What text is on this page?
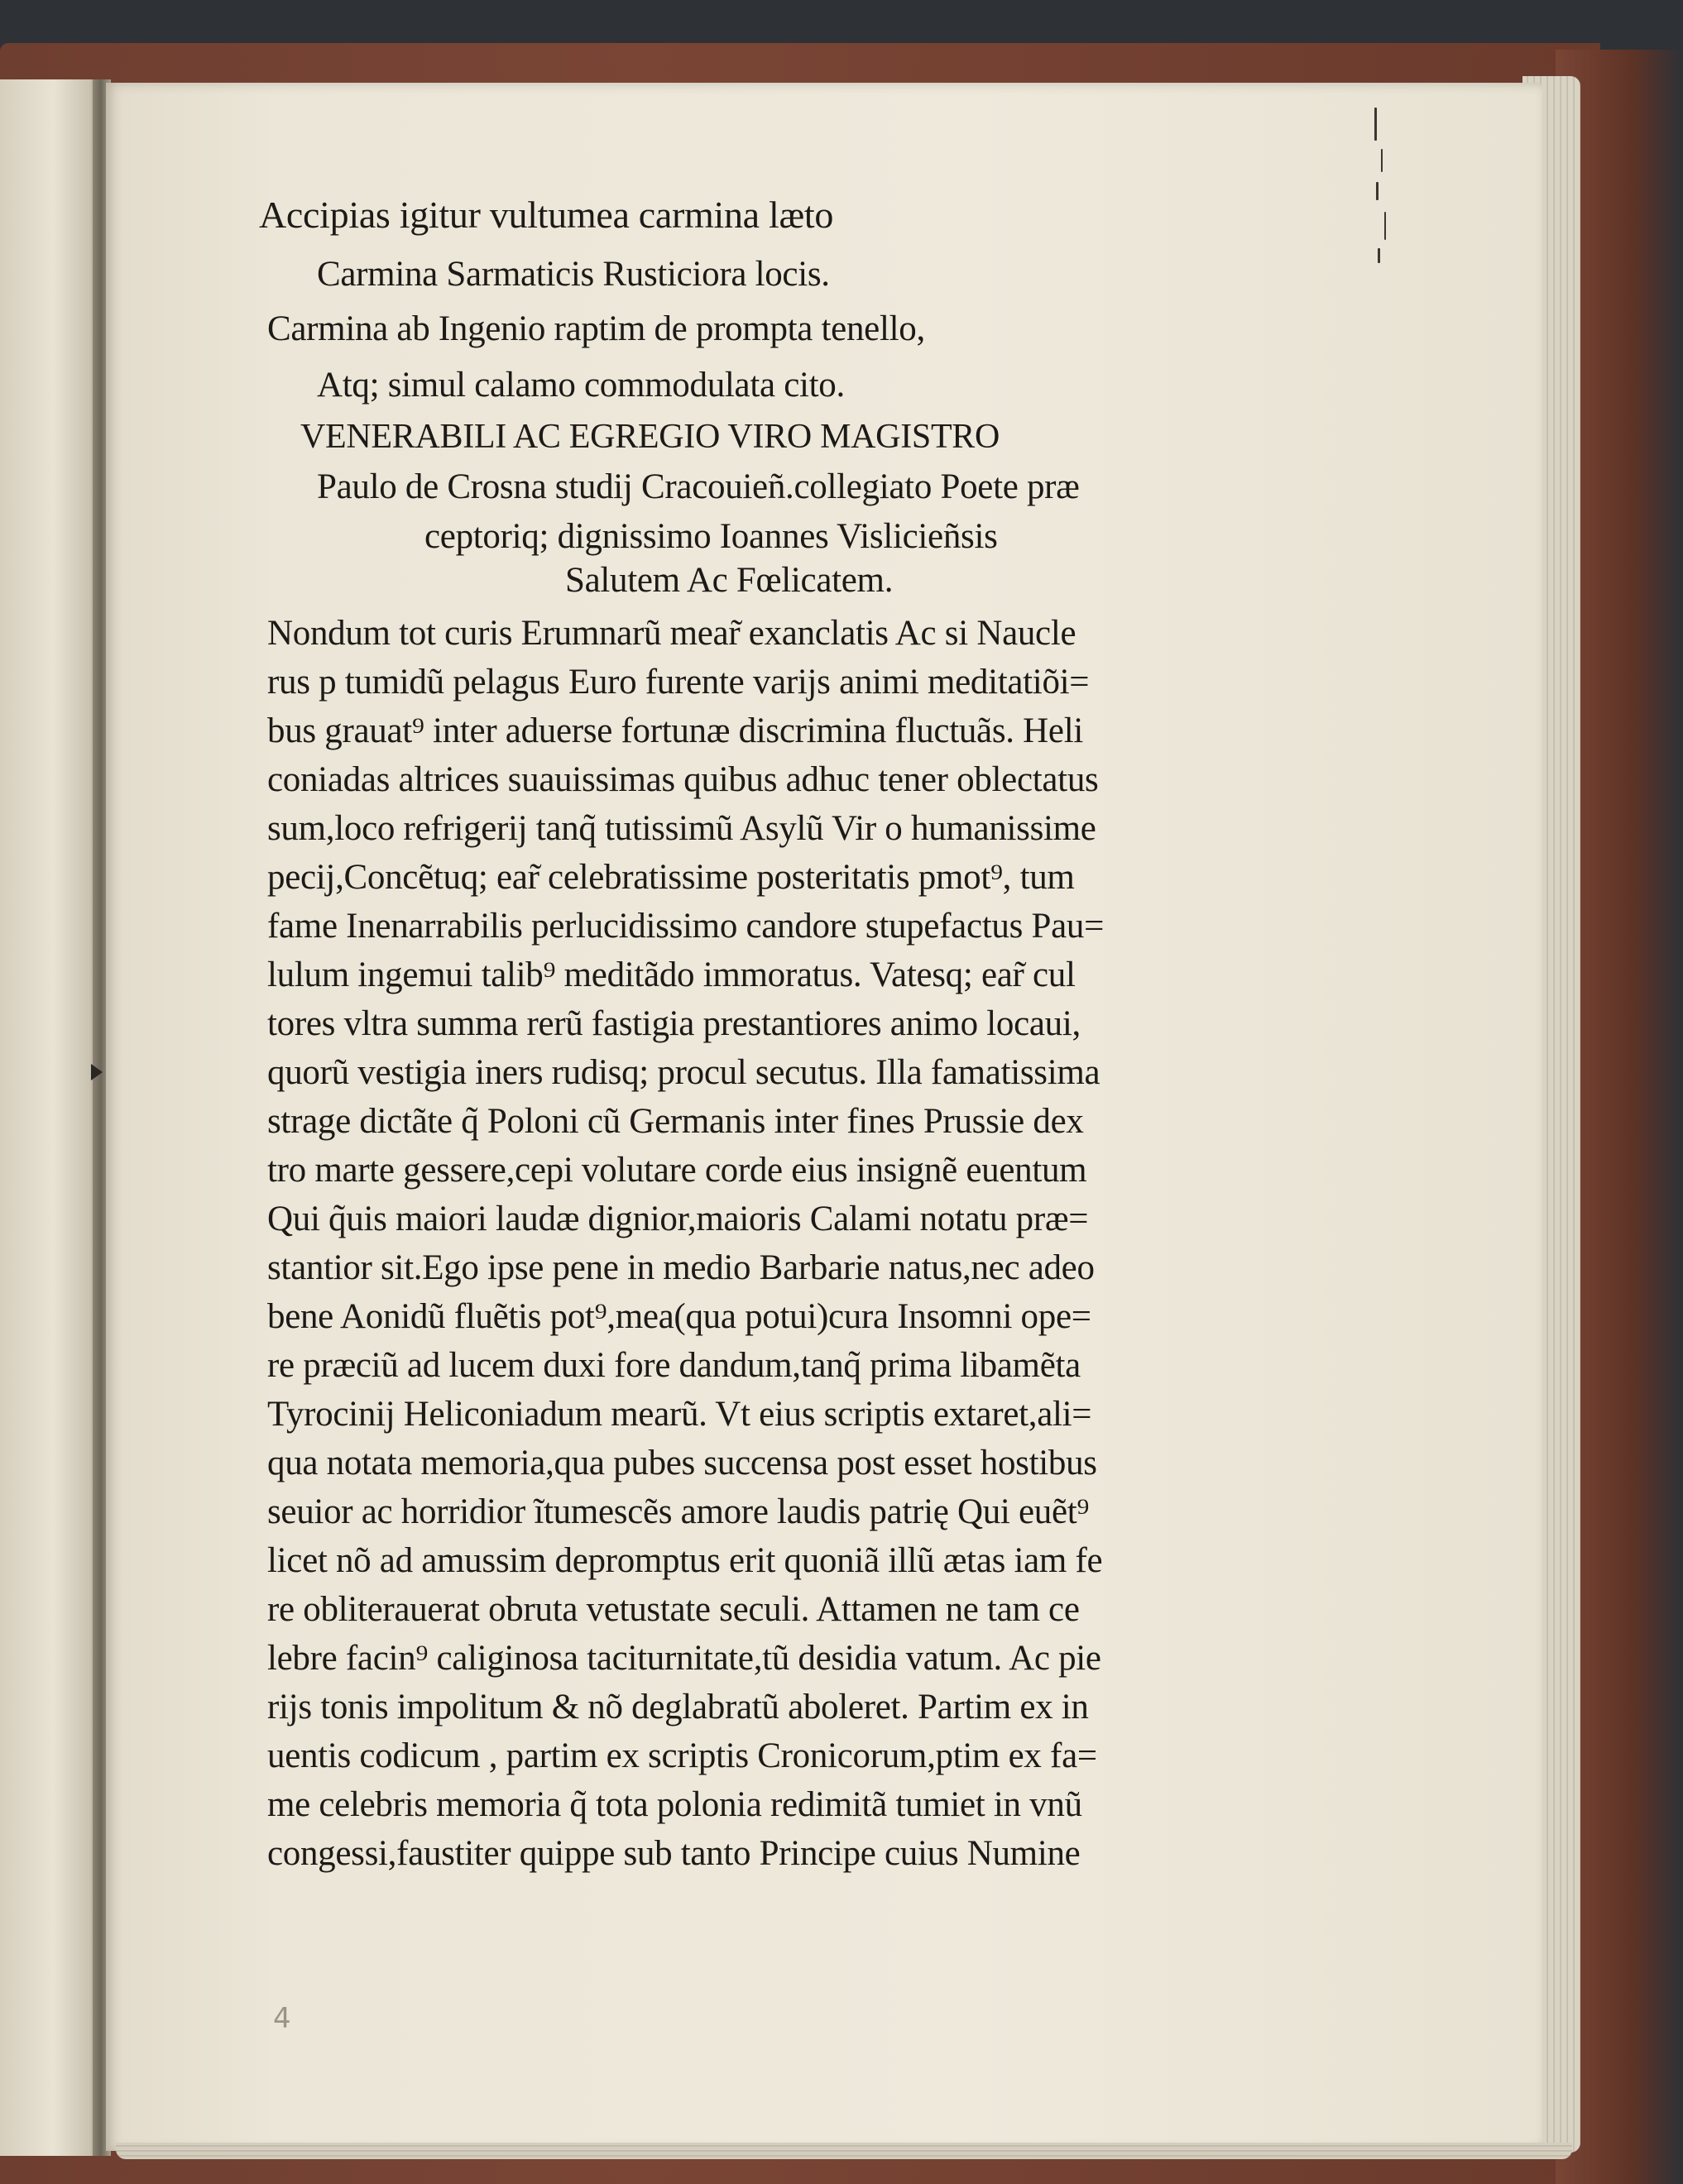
Accipias igitur vultumea carmina læto
Carmina Sarmaticis Rusticiora locis.
Carmina ab Ingenio raptim de prompta tenello,
Atq; simul calamo commodulata cito.
VENERABILI AC EGREGIO VIRO MAGISTRO
Paulo de Crosna studij Cracouieñ.collegiato Poete præ
ceptoriq; dignissimo Ioannes Vislicieñsis
Salutem Ac Fœlicatem.
Nondum tot curis Erumnarũ mear̃ exanclatis Ac si Naucle
rus p tumidũ pelagus Euro furente varijs animi meditatiõi=
bus grauat⁹ inter aduerse fortunæ discrimina fluctuãs. Heli
coniadas altrices suauissimas quibus adhuc tener oblectatus
sum,loco refrigerij tanq̃ tutissimũ Asylũ Vir o humanissime
pecij,Concẽtuq; ear̃ celebratissime posteritatis pmot⁹, tum
fame Inenarrabilis perlucidissimo candore stupefactus Pau=
lulum ingemui talib⁹ meditãdo immoratus. Vatesq; ear̃ cul
tores vltra summa rerũ fastigia prestantiores animo locaui,
quorũ vestigia iners rudisq; procul secutus. Illa famatissima
strage dictãte q̃ Poloni cũ Germanis inter fines Prussie dex
tro marte gessere,cepi volutare corde eius insignẽ euentum
Qui q̃uis maiori laudæ dignior,maioris Calami notatu præ=
stantior sit.Ego ipse pene in medio Barbarie natus,nec adeo
bene Aonidũ fluẽtis pot⁹,mea(qua potui)cura Insomni ope=
re præciũ ad lucem duxi fore dandum,tanq̃ prima libamẽta
Tyrocinij Heliconiadum mearũ. Vt eius scriptis extaret,ali=
qua notata memoria,qua pubes succensa post esset hostibus
seuior ac horridior ĩtumescẽs amore laudis patrię Qui euẽt⁹
licet nõ ad amussim depromptus erit quoniã illũ ætas iam fe
re obliterauerat obruta vetustate seculi. Attamen ne tam ce
lebre facin⁹ caliginosa taciturnitate,tũ desidia vatum. Ac pie
rijs tonis impolitum & nõ deglabratũ aboleret. Partim ex in
uentis codicum , partim ex scriptis Cronicorum,ptim ex fa=
me celebris memoria q̃ tota polonia redimitã tumiet in vnũ
congessi,faustiter quippe sub tanto Principe cuius Numine
4
